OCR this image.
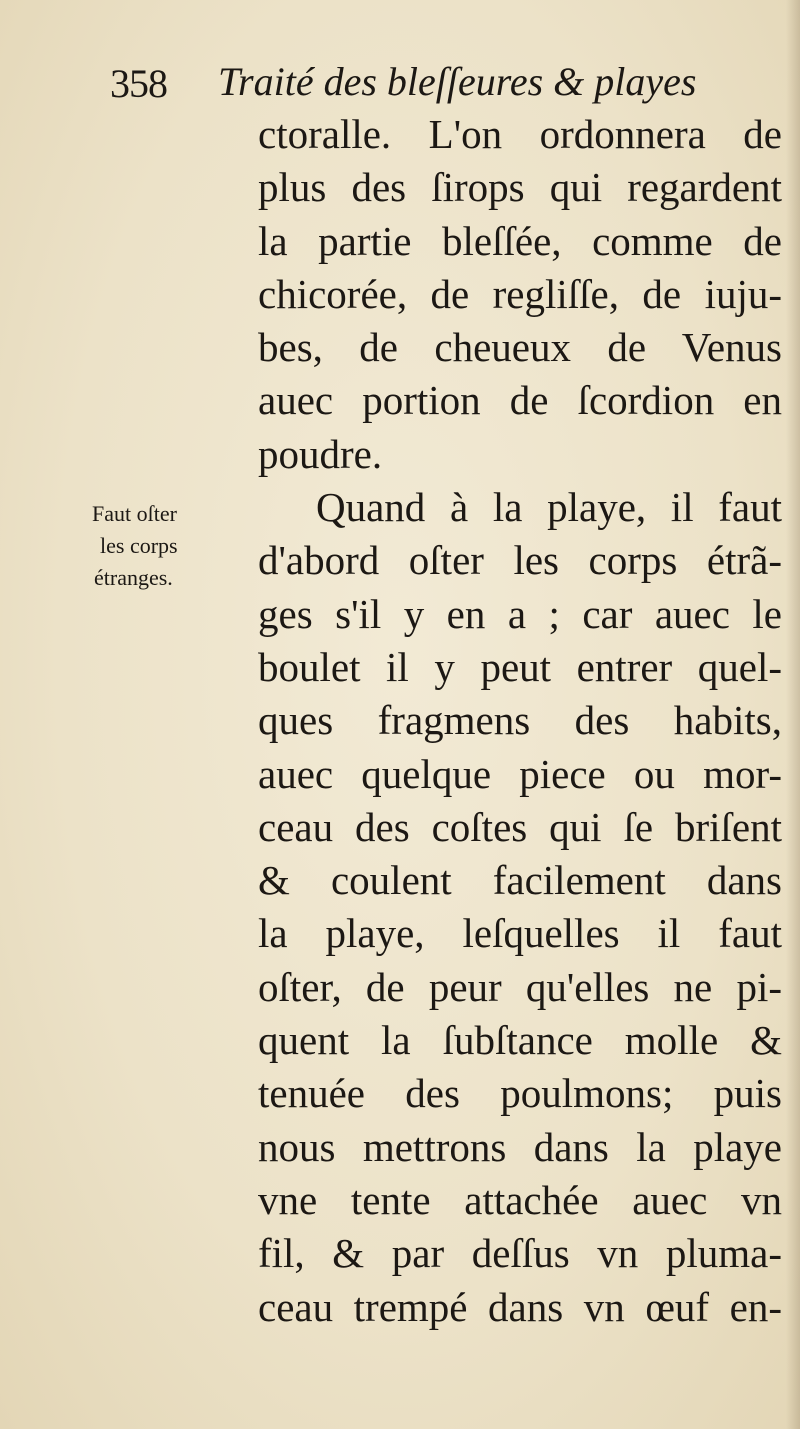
358 Traité des bleſſeures & playes
Faut oſter
les corps
étranges.
ctoralle. L'on ordonnera de
plus des ſirops qui regardent
la partie bleſſée, comme de
chicorée, de regliſſe, de iuju-
bes, de cheueux de Venus
auec portion de ſcordion en
poudre.
Quand à la playe, il faut
d'abord oſter les corps étrã-
ges s'il y en a ; car auec le
boulet il y peut entrer quel-
ques fragmens des habits,
auec quelque piece ou mor-
ceau des coſtes qui ſe briſent
& coulent facilement dans
la playe, leſquelles il faut
oſter, de peur qu'elles ne pi-
quent la ſubſtance molle &
tenuée des poulmons; puis
nous mettrons dans la playe
vne tente attachée auec vn
fil, & par deſſus vn pluma-
ceau trempé dans vn œuf en-
